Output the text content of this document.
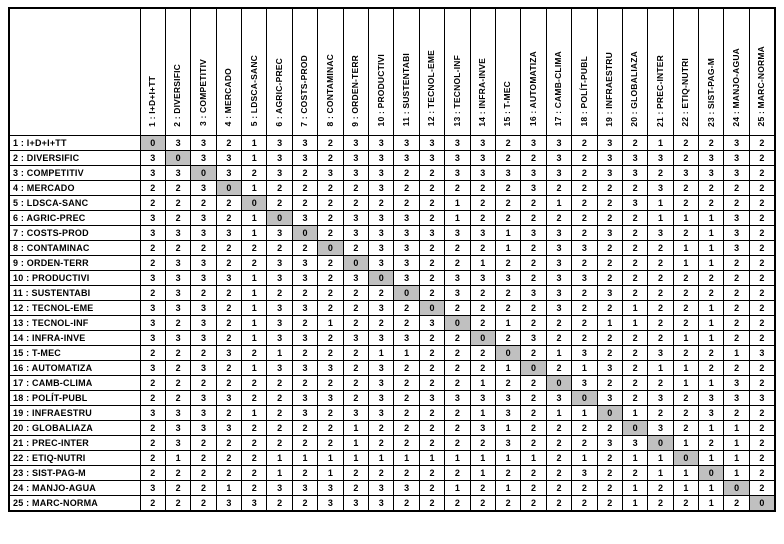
	1 : I+D+I+TT	2 : DIVERSIFIC	3 : COMPETITIV	4 : MERCADO	5 : LDSCA-SANC	6 : AGRIC-PREC	7 : COSTS-PROD	8 : CONTAMINAC	9 : ORDEN-TERR	10 : PRODUCTIVI	11 : SUSTENTABI	12 : TECNOL-EME	13 : TECNOL-INF	14 : INFRA-INVE	15 : T-MEC	16 : AUTOMATIZA	17 : CAMB-CLIMA	18 : POLÍT-PUBL	19 : INFRAESTRU	20 : GLOBALIAZA	21 : PREC-INTER	22 : ETIQ-NUTRI	23 : SIST-PAG-M	24 : MANJO-AGUA	25 : MARC-NORMA
1 : I+D+I+TT	0	3	3	2	1	3	3	2	3	3	3	3	3	3	2	3	3	2	3	2	1	2	2	3	2
2 : DIVERSIFIC	3	0	3	3	1	3	3	2	3	3	3	3	3	3	2	2	3	2	3	3	3	2	3	3	2
3 : COMPETITIV	3	3	0	3	2	3	2	3	3	3	2	2	3	3	3	3	3	2	3	3	2	3	3	3	2
4 : MERCADO	2	2	3	0	1	2	2	2	2	3	2	2	2	2	2	3	2	2	2	2	3	2	2	2	2
5 : LDSCA-SANC	2	2	2	2	0	2	2	2	2	2	2	2	1	2	2	2	1	2	2	3	1	2	2	2	2
6 : AGRIC-PREC	3	2	3	2	1	0	3	2	3	3	3	2	1	2	2	2	2	2	2	2	1	1	1	3	2
7 : COSTS-PROD	3	3	3	3	1	3	0	2	3	3	3	3	3	3	1	3	3	2	3	2	3	2	1	3	2
8 : CONTAMINAC	2	2	2	2	2	2	2	0	2	3	3	2	2	2	1	2	3	3	2	2	2	1	1	3	2
9 : ORDEN-TERR	2	3	3	2	2	3	3	2	0	3	3	2	2	1	2	2	3	2	2	2	2	1	1	2	2
10 : PRODUCTIVI	3	3	3	3	1	3	3	2	3	0	3	2	3	3	3	2	3	3	2	2	2	2	2	2	2
11 : SUSTENTABI	2	3	2	2	1	2	2	2	2	2	0	2	3	2	2	3	3	2	3	2	2	2	2	2	2
12 : TECNOL-EME	3	3	3	2	1	3	3	2	2	3	2	0	2	2	2	2	3	2	2	1	2	2	1	2	2
13 : TECNOL-INF	3	2	3	2	1	3	2	1	2	2	2	3	0	2	1	2	2	2	1	1	2	2	1	2	2
14 : INFRA-INVE	3	3	3	2	1	3	3	2	3	3	3	2	2	0	2	3	2	2	2	2	2	1	1	2	2
15 : T-MEC	2	2	2	3	2	1	2	2	2	1	1	2	2	2	0	2	1	3	2	2	3	2	2	1	3
16 : AUTOMATIZA	3	2	3	2	1	3	3	3	2	3	2	2	2	2	1	0	2	1	3	2	1	1	2	2	2
17 : CAMB-CLIMA	2	2	2	2	2	2	2	2	2	3	2	2	2	1	2	2	0	3	2	2	2	1	1	3	2
18 : POLÍT-PUBL	2	2	3	3	2	2	3	3	2	3	2	3	3	3	3	2	3	0	3	2	3	2	3	3	3
19 : INFRAESTRU	3	3	3	2	1	2	3	2	3	3	2	2	2	1	3	2	1	1	0	1	2	2	3	2	2
20 : GLOBALIAZA	2	3	3	3	2	2	2	2	1	2	2	2	2	3	1	2	2	2	2	0	3	2	1	1	2
21 : PREC-INTER	2	3	2	2	2	2	2	2	1	2	2	2	2	2	3	2	2	2	3	3	0	1	2	1	2
22 : ETIQ-NUTRI	2	1	2	2	2	1	1	1	1	1	1	1	1	1	1	1	2	1	2	1	1	0	1	1	2
23 : SIST-PAG-M	2	2	2	2	2	1	2	1	2	2	2	2	2	1	2	2	2	3	2	2	1	1	0	1	2
24 : MANJO-AGUA	3	2	2	1	2	3	3	3	2	3	3	2	1	2	1	2	2	2	2	1	2	1	1	0	2
25 : MARC-NORMA	2	2	2	3	3	2	2	3	3	3	2	2	2	2	2	2	2	2	2	1	2	2	1	2	0
